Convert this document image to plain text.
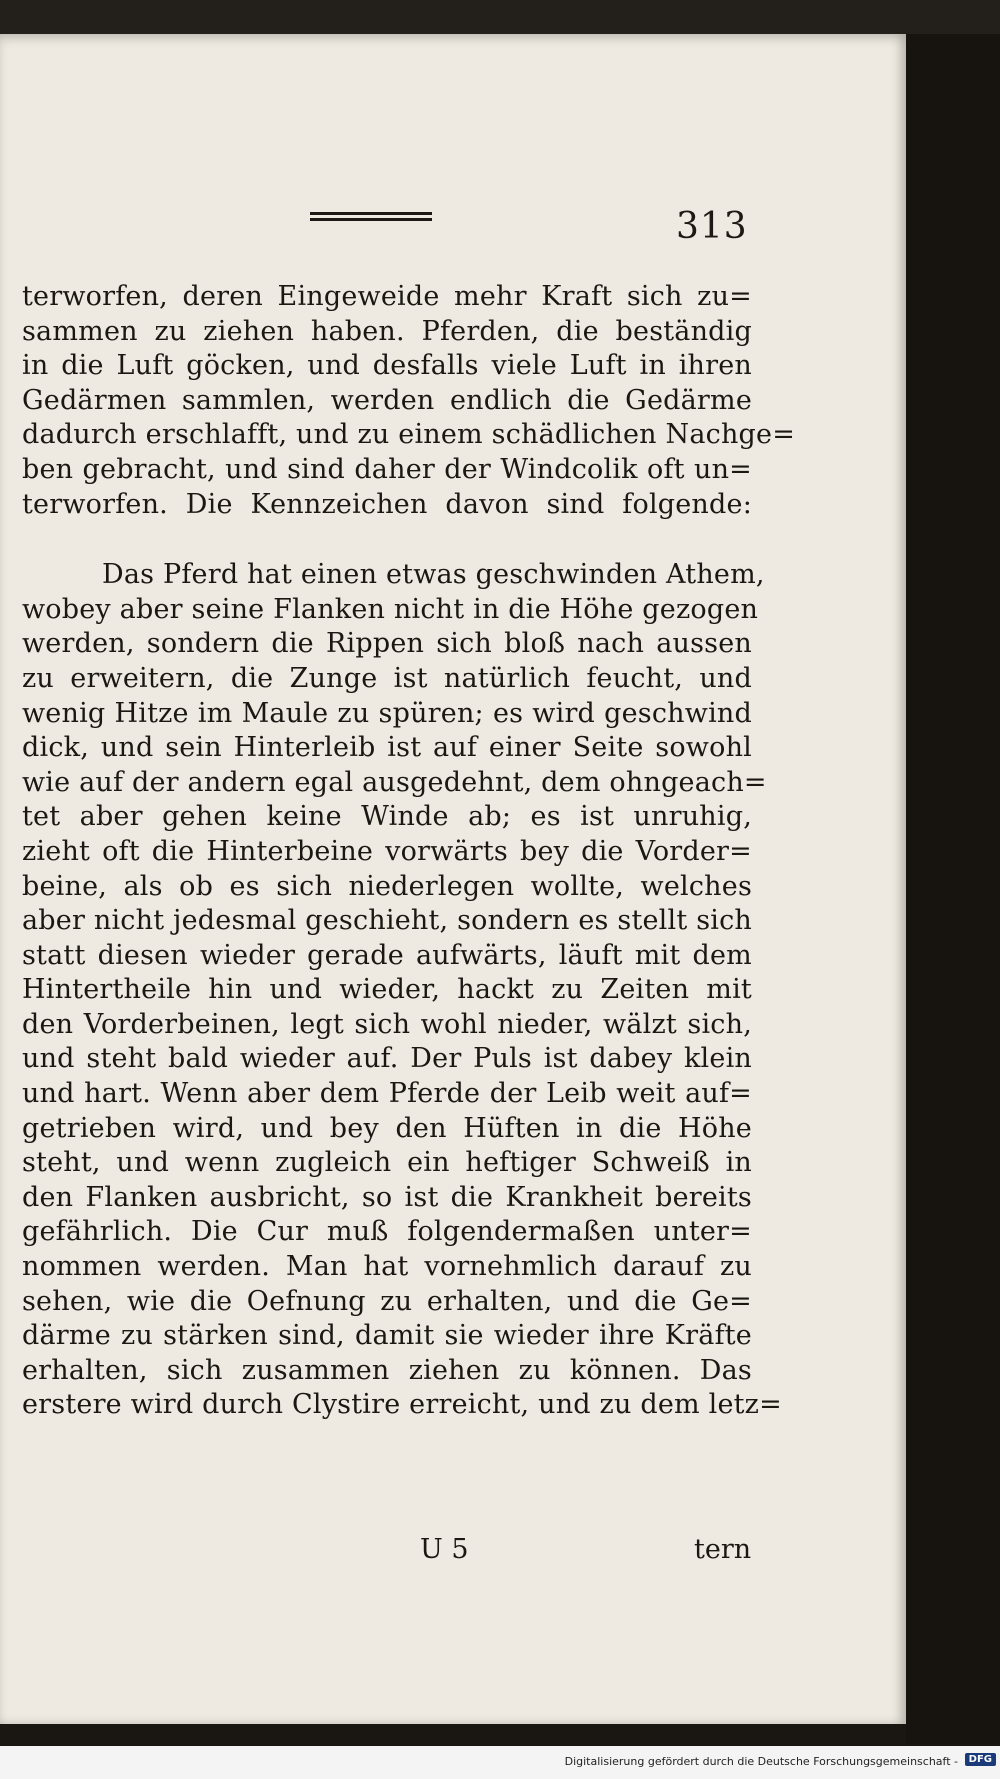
313
terworfen, deren Eingeweide mehr Kraft sich zu=
sammen zu ziehen haben. Pferden, die beständig
in die Luft göcken, und desfalls viele Luft in ihren
Gedärmen sammlen, werden endlich die Gedärme
dadurch erschlafft, und zu einem schädlichen Nachge=
ben gebracht, und sind daher der Windcolik oft un=
terworfen. Die Kennzeichen davon sind folgende:
Das Pferd hat einen etwas geschwinden Athem,
wobey aber seine Flanken nicht in die Höhe gezogen
werden, sondern die Rippen sich bloß nach aussen
zu erweitern, die Zunge ist natürlich feucht, und
wenig Hitze im Maule zu spüren; es wird geschwind
dick, und sein Hinterleib ist auf einer Seite sowohl
wie auf der andern egal ausgedehnt, dem ohngeach=
tet aber gehen keine Winde ab; es ist unruhig,
zieht oft die Hinterbeine vorwärts bey die Vorder=
beine, als ob es sich niederlegen wollte, welches
aber nicht jedesmal geschieht, sondern es stellt sich
statt diesen wieder gerade aufwärts, läuft mit dem
Hintertheile hin und wieder, hackt zu Zeiten mit
den Vorderbeinen, legt sich wohl nieder, wälzt sich,
und steht bald wieder auf. Der Puls ist dabey klein
und hart. Wenn aber dem Pferde der Leib weit auf=
getrieben wird, und bey den Hüften in die Höhe
steht, und wenn zugleich ein heftiger Schweiß in
den Flanken ausbricht, so ist die Krankheit bereits
gefährlich. Die Cur muß folgendermaßen unter=
nommen werden. Man hat vornehmlich darauf zu
sehen, wie die Oefnung zu erhalten, und die Ge=
därme zu stärken sind, damit sie wieder ihre Kräfte
erhalten, sich zusammen ziehen zu können. Das
erstere wird durch Clystire erreicht, und zu dem letz=
U 5	tern
Digitalisierung gefördert durch die Deutsche Forschungsgemeinschaft -	DFG
